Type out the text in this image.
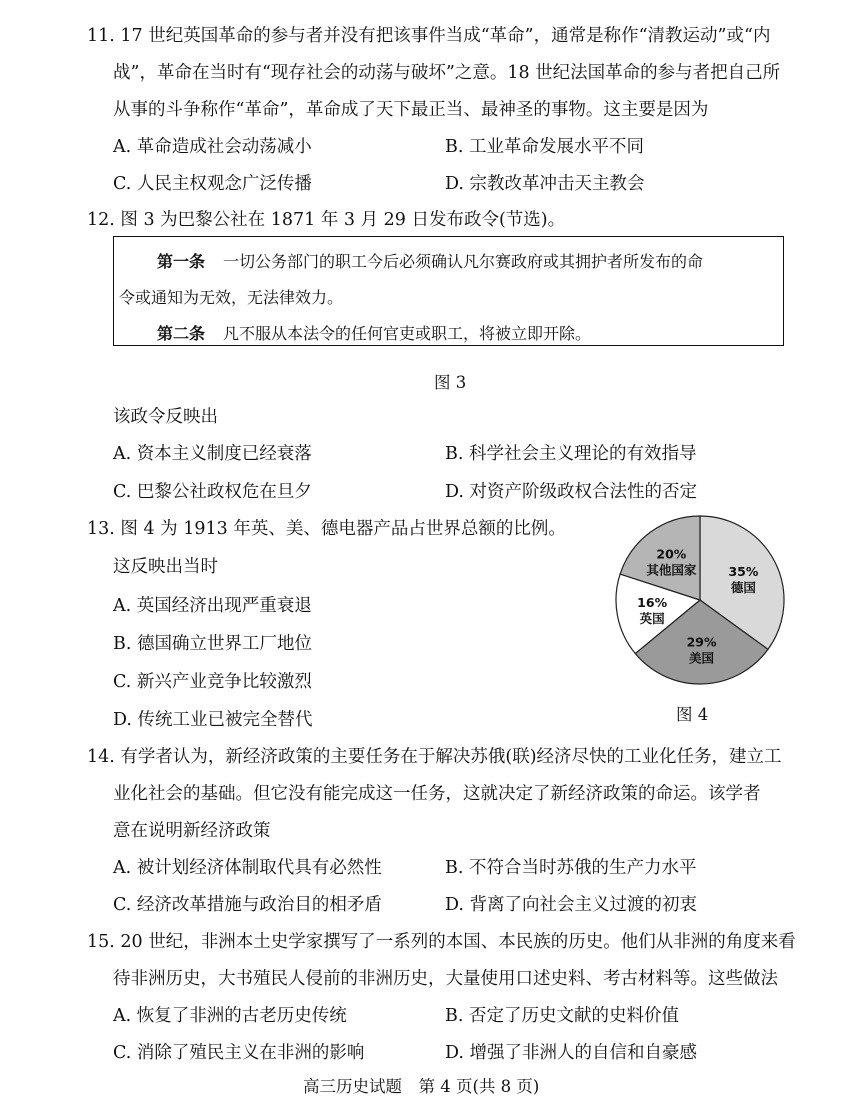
11. 17 世纪英国革命的参与者并没有把该事件当成“革命”，通常是称作“清教运动”或“内
战”，革命在当时有“现存社会的动荡与破坏”之意。18 世纪法国革命的参与者把自己所
从事的斗争称作“革命”，革命成了天下最正当、最神圣的事物。这主要是因为
A. 革命造成社会动荡减小	B. 工业革命发展水平不同
C. 人民主权观念广泛传播	D. 宗教改革冲击天主教会
12. 图 3 为巴黎公社在 1871 年 3 月 29 日发布政令(节选)。
第一条 一切公务部门的职工今后必须确认凡尔赛政府或其拥护者所发布的命
令或通知为无效，无法律效力。
第二条 凡不服从本法令的任何官吏或职工，将被立即开除。
图 3
该政令反映出
A. 资本主义制度已经衰落	B. 科学社会主义理论的有效指导
C. 巴黎公社政权危在旦夕	D. 对资产阶级政权合法性的否定
13. 图 4 为 1913 年英、美、德电器产品占世界总额的比例。
这反映出当时
A. 英国经济出现严重衰退
B. 德国确立世界工厂地位
C. 新兴产业竞争比较激烈
D. 传统工业已被完全替代
35%
德国
29%
美国
16%
英国
20%
其他国家
图 4
14. 有学者认为，新经济政策的主要任务在于解决苏俄(联)经济尽快的工业化任务，建立工
业化社会的基础。但它没有能完成这一任务，这就决定了新经济政策的命运。该学者
意在说明新经济政策
A. 被计划经济体制取代具有必然性	B. 不符合当时苏俄的生产力水平
C. 经济改革措施与政治目的相矛盾	D. 背离了向社会主义过渡的初衷
15. 20 世纪，非洲本土史学家撰写了一系列的本国、本民族的历史。他们从非洲的角度来看
待非洲历史，大书殖民人侵前的非洲历史，大量使用口述史料、考古材料等。这些做法
A. 恢复了非洲的古老历史传统	B. 否定了历史文献的史料价值
C. 消除了殖民主义在非洲的影响	D. 增强了非洲人的自信和自豪感
高三历史试题　第 4 页(共 8 页)
